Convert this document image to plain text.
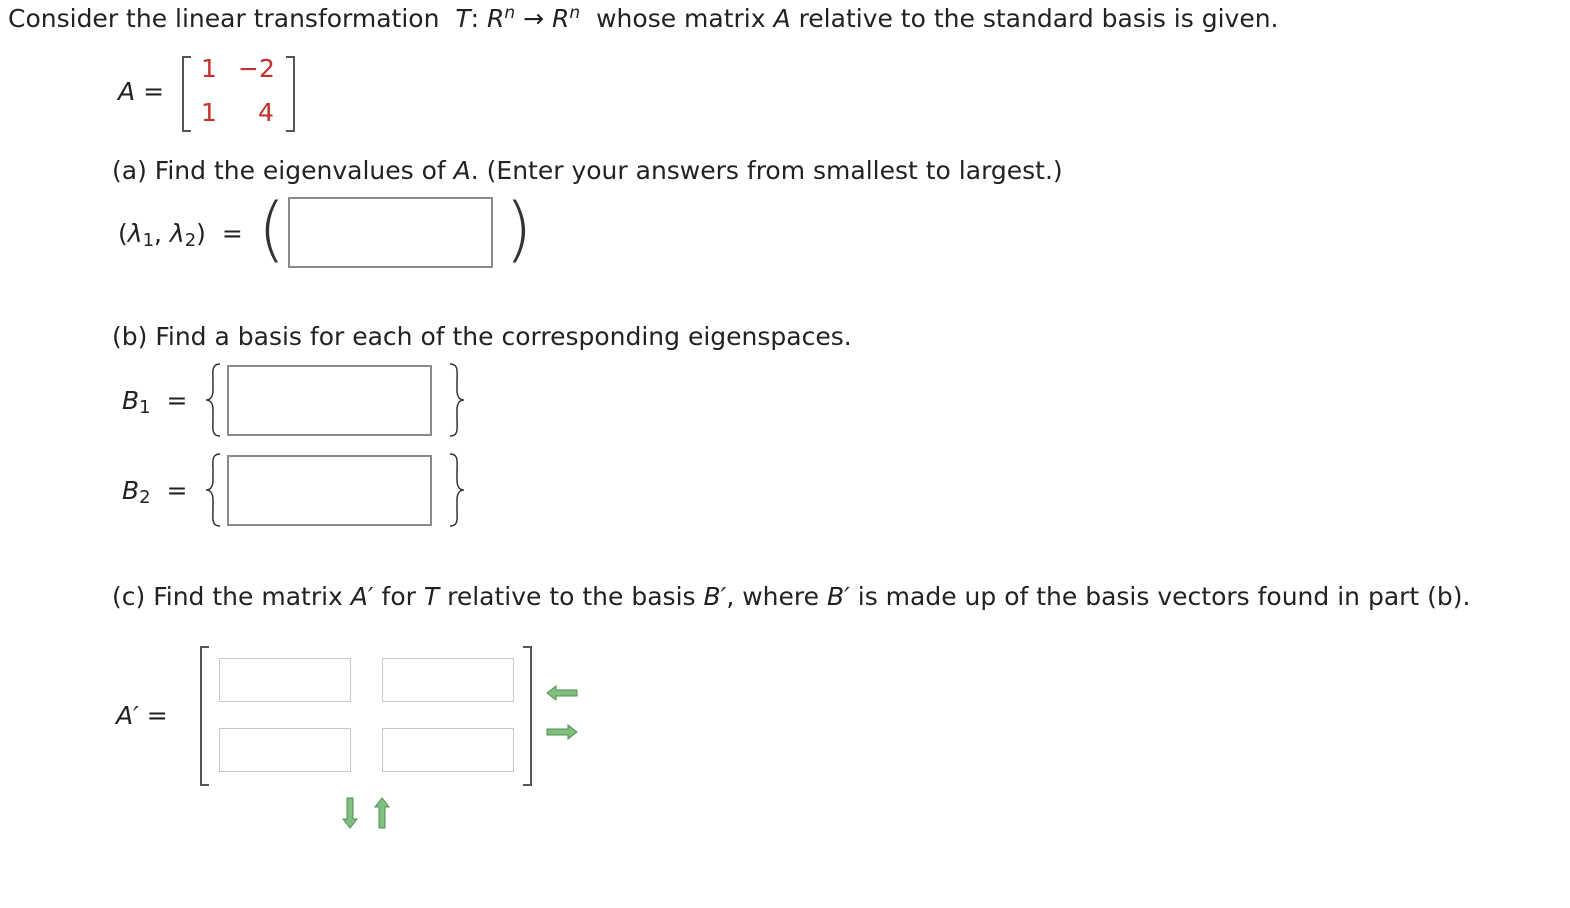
Consider the linear transformation T: $R^n \to R^n$ whose matrix A relative to the standard basis is given.
A =
1 −2
1 4
(a) Find the eigenvalues of A. (Enter your answers from smallest to largest.)
($\lambda_1$, $\lambda_2$) = (	)
(b) Find a basis for each of the corresponding eigenspaces.
$B_1$ =
$B_2$ =
(c) Find the matrix A′ for T relative to the basis B′, where B′ is made up of the basis vectors found in part (b).
A′ =
